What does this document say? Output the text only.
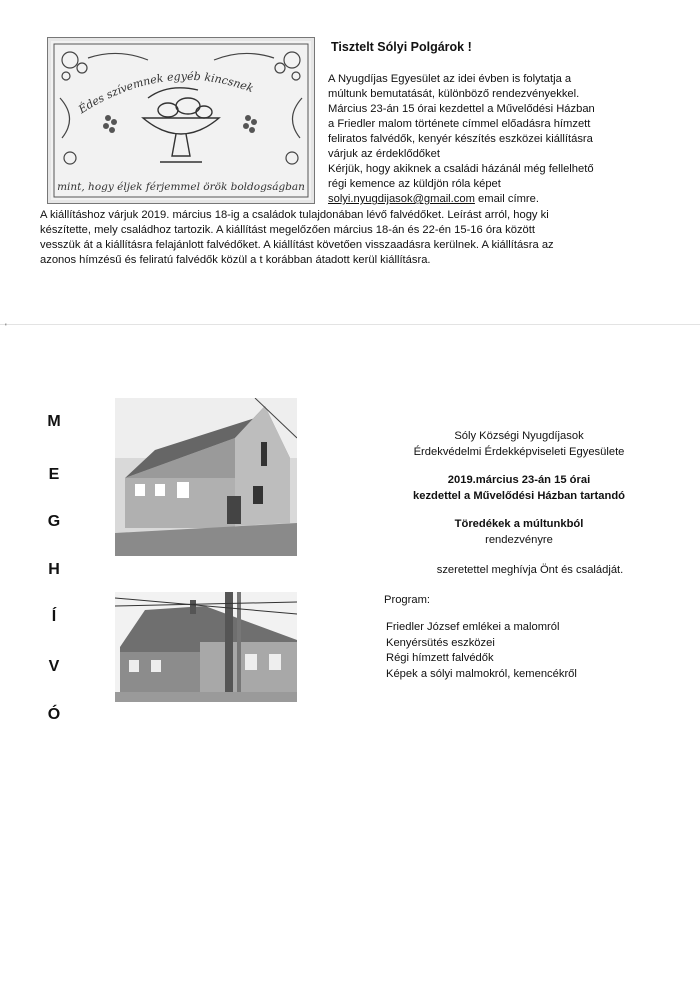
Édes szívemnek egyéb kincsnek
mint, hogy éljek férjemmel örök boldogságban
Tisztelt Sólyi Polgárok !
A Nyugdíjas Egyesület az idei évben is folytatja a
múltunk bemutatását, különböző rendezvényekkel.
Március 23-án 15 órai kezdettel a Művelődési Házban
a Friedler malom története címmel előadásra hímzett
feliratos falvédők, kenyér készítés eszközei kiállításra
várjuk az érdeklődőket
Kérjük, hogy akiknek a családi házánál még fellelhető
régi kemence az küldjön róla képet
solyi.nyugdijasok@gmail.com email címre.
A kiállításhoz várjuk 2019. március 18-ig a családok tulajdonában lévő falvédőket. Leírást arról, hogy ki
készítette, mely családhoz tartozik. A kiállítást megelőzően március 18-án és 22-én 15-16 óra között
vesszük át a kiállításra felajánlott falvédőket. A kiállítást követően visszaadásra kerülnek. A kiállításra az
azonos hímzésű és feliratú falvédők közül a t korábban átadott kerül kiállításra.
'
M
E
G
H
Í
V
Ó
Sóly Községi Nyugdíjasok
Érdekvédelmi Érdekképviseleti Egyesülete
2019.március 23-án 15 órai
kezdettel a Művelődési Házban tartandó
Töredékek a múltunkból
rendezvényre
szeretettel meghívja Önt és családját.
Program:
Friedler József emlékei a malomról
Kenyérsütés eszközei
Régi hímzett falvédők
Képek a sólyi malmokról, kemencékről
